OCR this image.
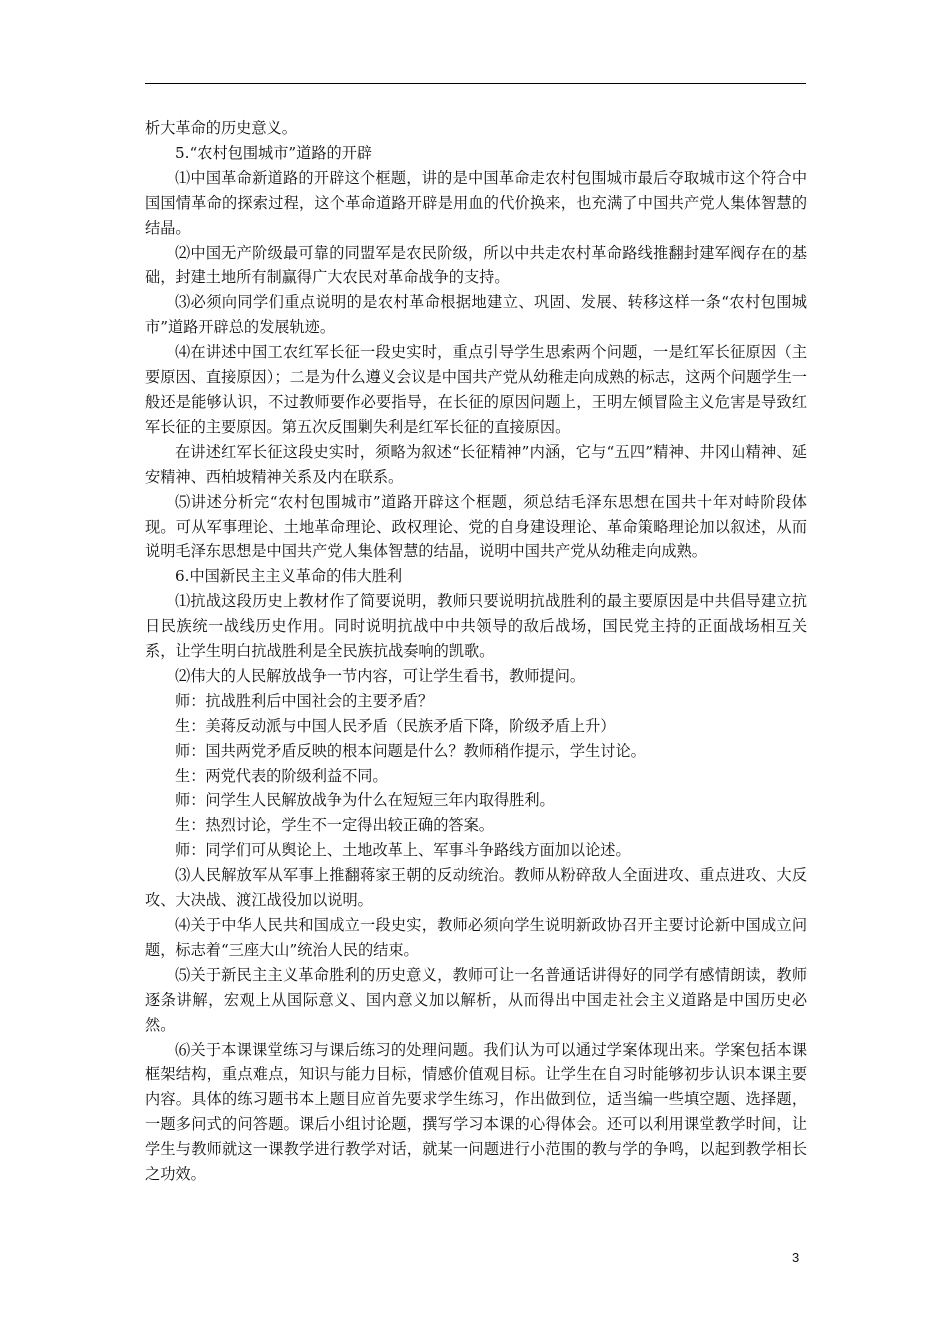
析大革命的历史意义。

5.“农村包围城市”道路的开辟

⑴中国革命新道路的开辟这个框题，讲的是中国革命走农村包围城市最后夺取城市这个符合中国国情革命的探索过程，这个革命道路开辟是用血的代价换来，也充满了中国共产党人集体智慧的结晶。

⑵中国无产阶级最可靠的同盟军是农民阶级，所以中共走农村革命路线推翻封建军阀存在的基础，封建土地所有制赢得广大农民对革命战争的支持。

⑶必须向同学们重点说明的是农村革命根据地建立、巩固、发展、转移这样一条“农村包围城市”道路开辟总的发展轨迹。

⑷在讲述中国工农红军长征一段史实时，重点引导学生思索两个问题，一是红军长征原因（主要原因、直接原因）；二是为什么遵义会议是中国共产党从幼稚走向成熟的标志，这两个问题学生一般还是能够认识，不过教师要作必要指导，在长征的原因问题上，王明左倾冒险主义危害是导致红军长征的主要原因。第五次反围剿失利是红军长征的直接原因。

在讲述红军长征这段史实时，须略为叙述“长征精神”内涵，它与“五四”精神、井冈山精神、延安精神、西柏坡精神关系及内在联系。

⑸讲述分析完“农村包围城市”道路开辟这个框题，须总结毛泽东思想在国共十年对峙阶段体现。可从军事理论、土地革命理论、政权理论、党的自身建设理论、革命策略理论加以叙述，从而说明毛泽东思想是中国共产党人集体智慧的结晶，说明中国共产党从幼稚走向成熟。

6.中国新民主主义革命的伟大胜利

⑴抗战这段历史上教材作了简要说明，教师只要说明抗战胜利的最主要原因是中共倡导建立抗日民族统一战线历史作用。同时说明抗战中中共领导的敌后战场，国民党主持的正面战场相互关系，让学生明白抗战胜利是全民族抗战奏响的凯歌。

⑵伟大的人民解放战争一节内容，可让学生看书，教师提问。

师：抗战胜利后中国社会的主要矛盾？

生：美蒋反动派与中国人民矛盾（民族矛盾下降，阶级矛盾上升）

师：国共两党矛盾反映的根本问题是什么？教师稍作提示，学生讨论。

生：两党代表的阶级利益不同。

师：问学生人民解放战争为什么在短短三年内取得胜利。

生：热烈讨论，学生不一定得出较正确的答案。

师：同学们可从舆论上、土地改革上、军事斗争路线方面加以论述。

⑶人民解放军从军事上推翻蒋家王朝的反动统治。教师从粉碎敌人全面进攻、重点进攻、大反攻、大决战、渡江战役加以说明。

⑷关于中华人民共和国成立一段史实，教师必须向学生说明新政协召开主要讨论新中国成立问题，标志着“三座大山”统治人民的结束。

⑸关于新民主主义革命胜利的历史意义，教师可让一名普通话讲得好的同学有感情朗读，教师逐条讲解，宏观上从国际意义、国内意义加以解析，从而得出中国走社会主义道路是中国历史必然。

⑹关于本课课堂练习与课后练习的处理问题。我们认为可以通过学案体现出来。学案包括本课框架结构，重点难点，知识与能力目标，情感价值观目标。让学生在自习时能够初步认识本课主要内容。具体的练习题书本上题目应首先要求学生练习，作出做到位，适当编一些填空题、选择题，一题多问式的问答题。课后小组讨论题，撰写学习本课的心得体会。还可以利用课堂教学时间，让学生与教师就这一课教学进行教学对话，就某一问题进行小范围的教与学的争鸣，以起到教学相长之功效。

3
